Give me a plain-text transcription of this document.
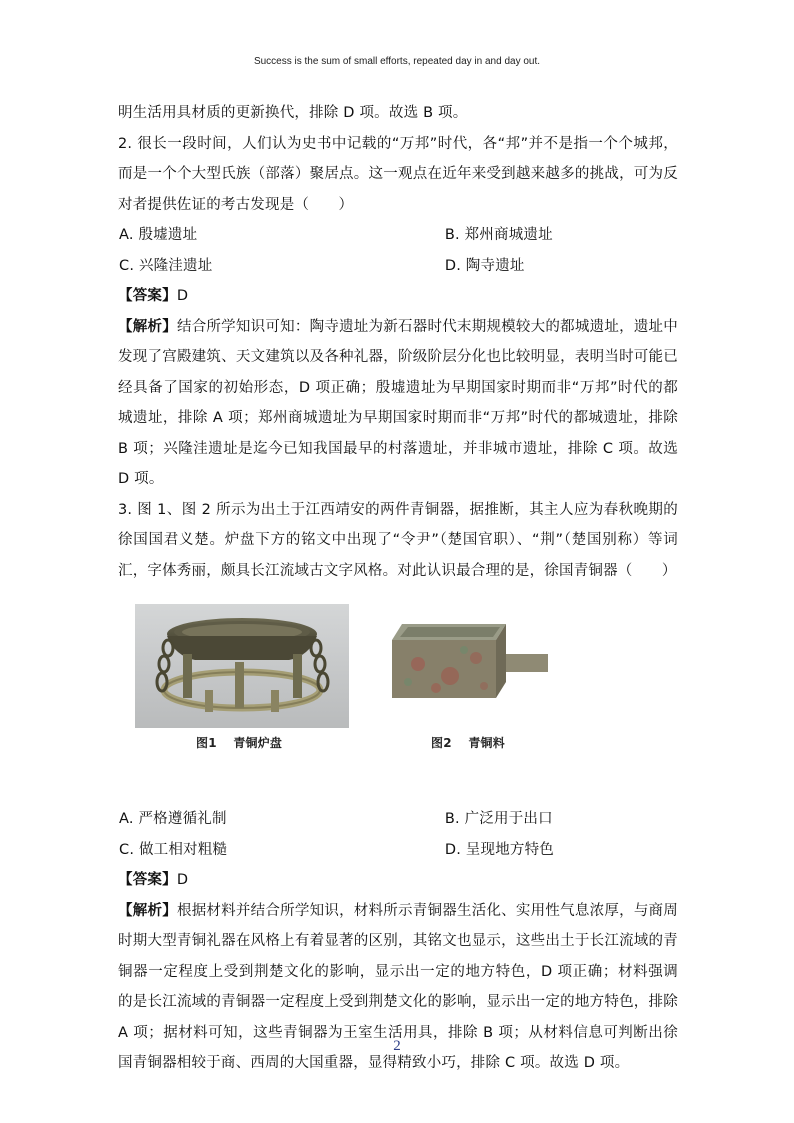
Success is the sum of small efforts, repeated day in and day out.

明生活用具材质的更新换代，排除 D 项。故选 B 项。

2. 很长一段时间，人们认为史书中记载的“万邦”时代，各“邦”并不是指一个个城邦，而是一个个大型氏族（部落）聚居点。这一观点在近年来受到越来越多的挑战，可为反对者提供佐证的考古发现是（　　）

A. 殷墟遗址	B. 郑州商城遗址
C. 兴隆洼遗址	D. 陶寺遗址

【答案】D

【解析】结合所学知识可知：陶寺遗址为新石器时代末期规模较大的都城遗址，遗址中发现了宫殿建筑、天文建筑以及各种礼器，阶级阶层分化也比较明显，表明当时可能已经具备了国家的初始形态，D 项正确；殷墟遗址为早期国家时期而非“万邦”时代的都城遗址，排除 A 项；郑州商城遗址为早期国家时期而非“万邦”时代的都城遗址，排除 B 项；兴隆洼遗址是迄今已知我国最早的村落遗址，并非城市遗址，排除 C 项。故选 D 项。

3. 图 1、图 2 所示为出土于江西靖安的两件青铜器，据推断，其主人应为春秋晚期的徐国国君义楚。炉盘下方的铭文中出现了“令尹”（楚国官职）、“荆”（楚国别称）等词汇，字体秀丽，颇具长江流域古文字风格。对此认识最合理的是，徐国青铜器（　　）

图1　 青铜炉盘	图2　 青铜料
A. 严格遵循礼制	B. 广泛用于出口
C. 做工相对粗糙	D. 呈现地方特色

【答案】D

【解析】根据材料并结合所学知识，材料所示青铜器生活化、实用性气息浓厚，与商周时期大型青铜礼器在风格上有着显著的区别，其铭文也显示，这些出土于长江流域的青铜器一定程度上受到荆楚文化的影响，显示出一定的地方特色，D 项正确；材料强调的是长江流域的青铜器一定程度上受到荆楚文化的影响，显示出一定的地方特色，排除 A 项；据材料可知，这些青铜器为王室生活用具，排除 B 项；从材料信息可判断出徐国青铜器相较于商、西周的大国重器，显得精致小巧，排除 C 项。故选 D 项。

2
